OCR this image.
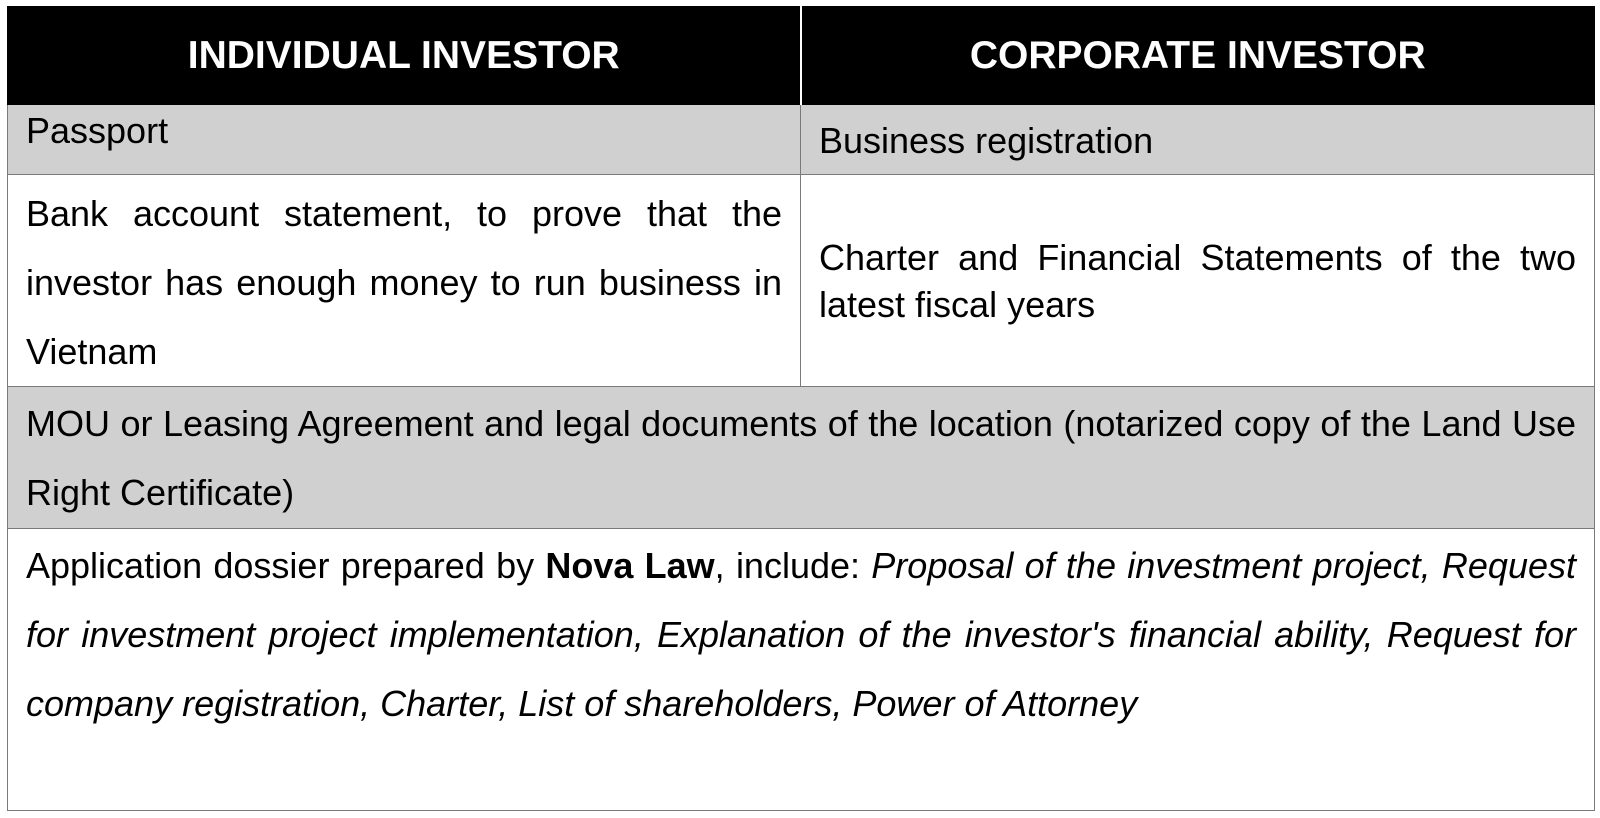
INDIVIDUAL INVESTOR	CORPORATE INVESTOR
Passport	Business registration
Bank account statement, to prove that the investor has enough money to run business in Vietnam	Charter and Financial Statements of the two latest fiscal years
MOU or Leasing Agreement and legal documents of the location (notarized copy of the Land Use Right Certificate)	
Application dossier prepared by Nova Law, include: Proposal of the investment project, Request for investment project implementation, Explanation of the investor's financial ability, Request for company registration, Charter, List of shareholders, Power of Attorney	
